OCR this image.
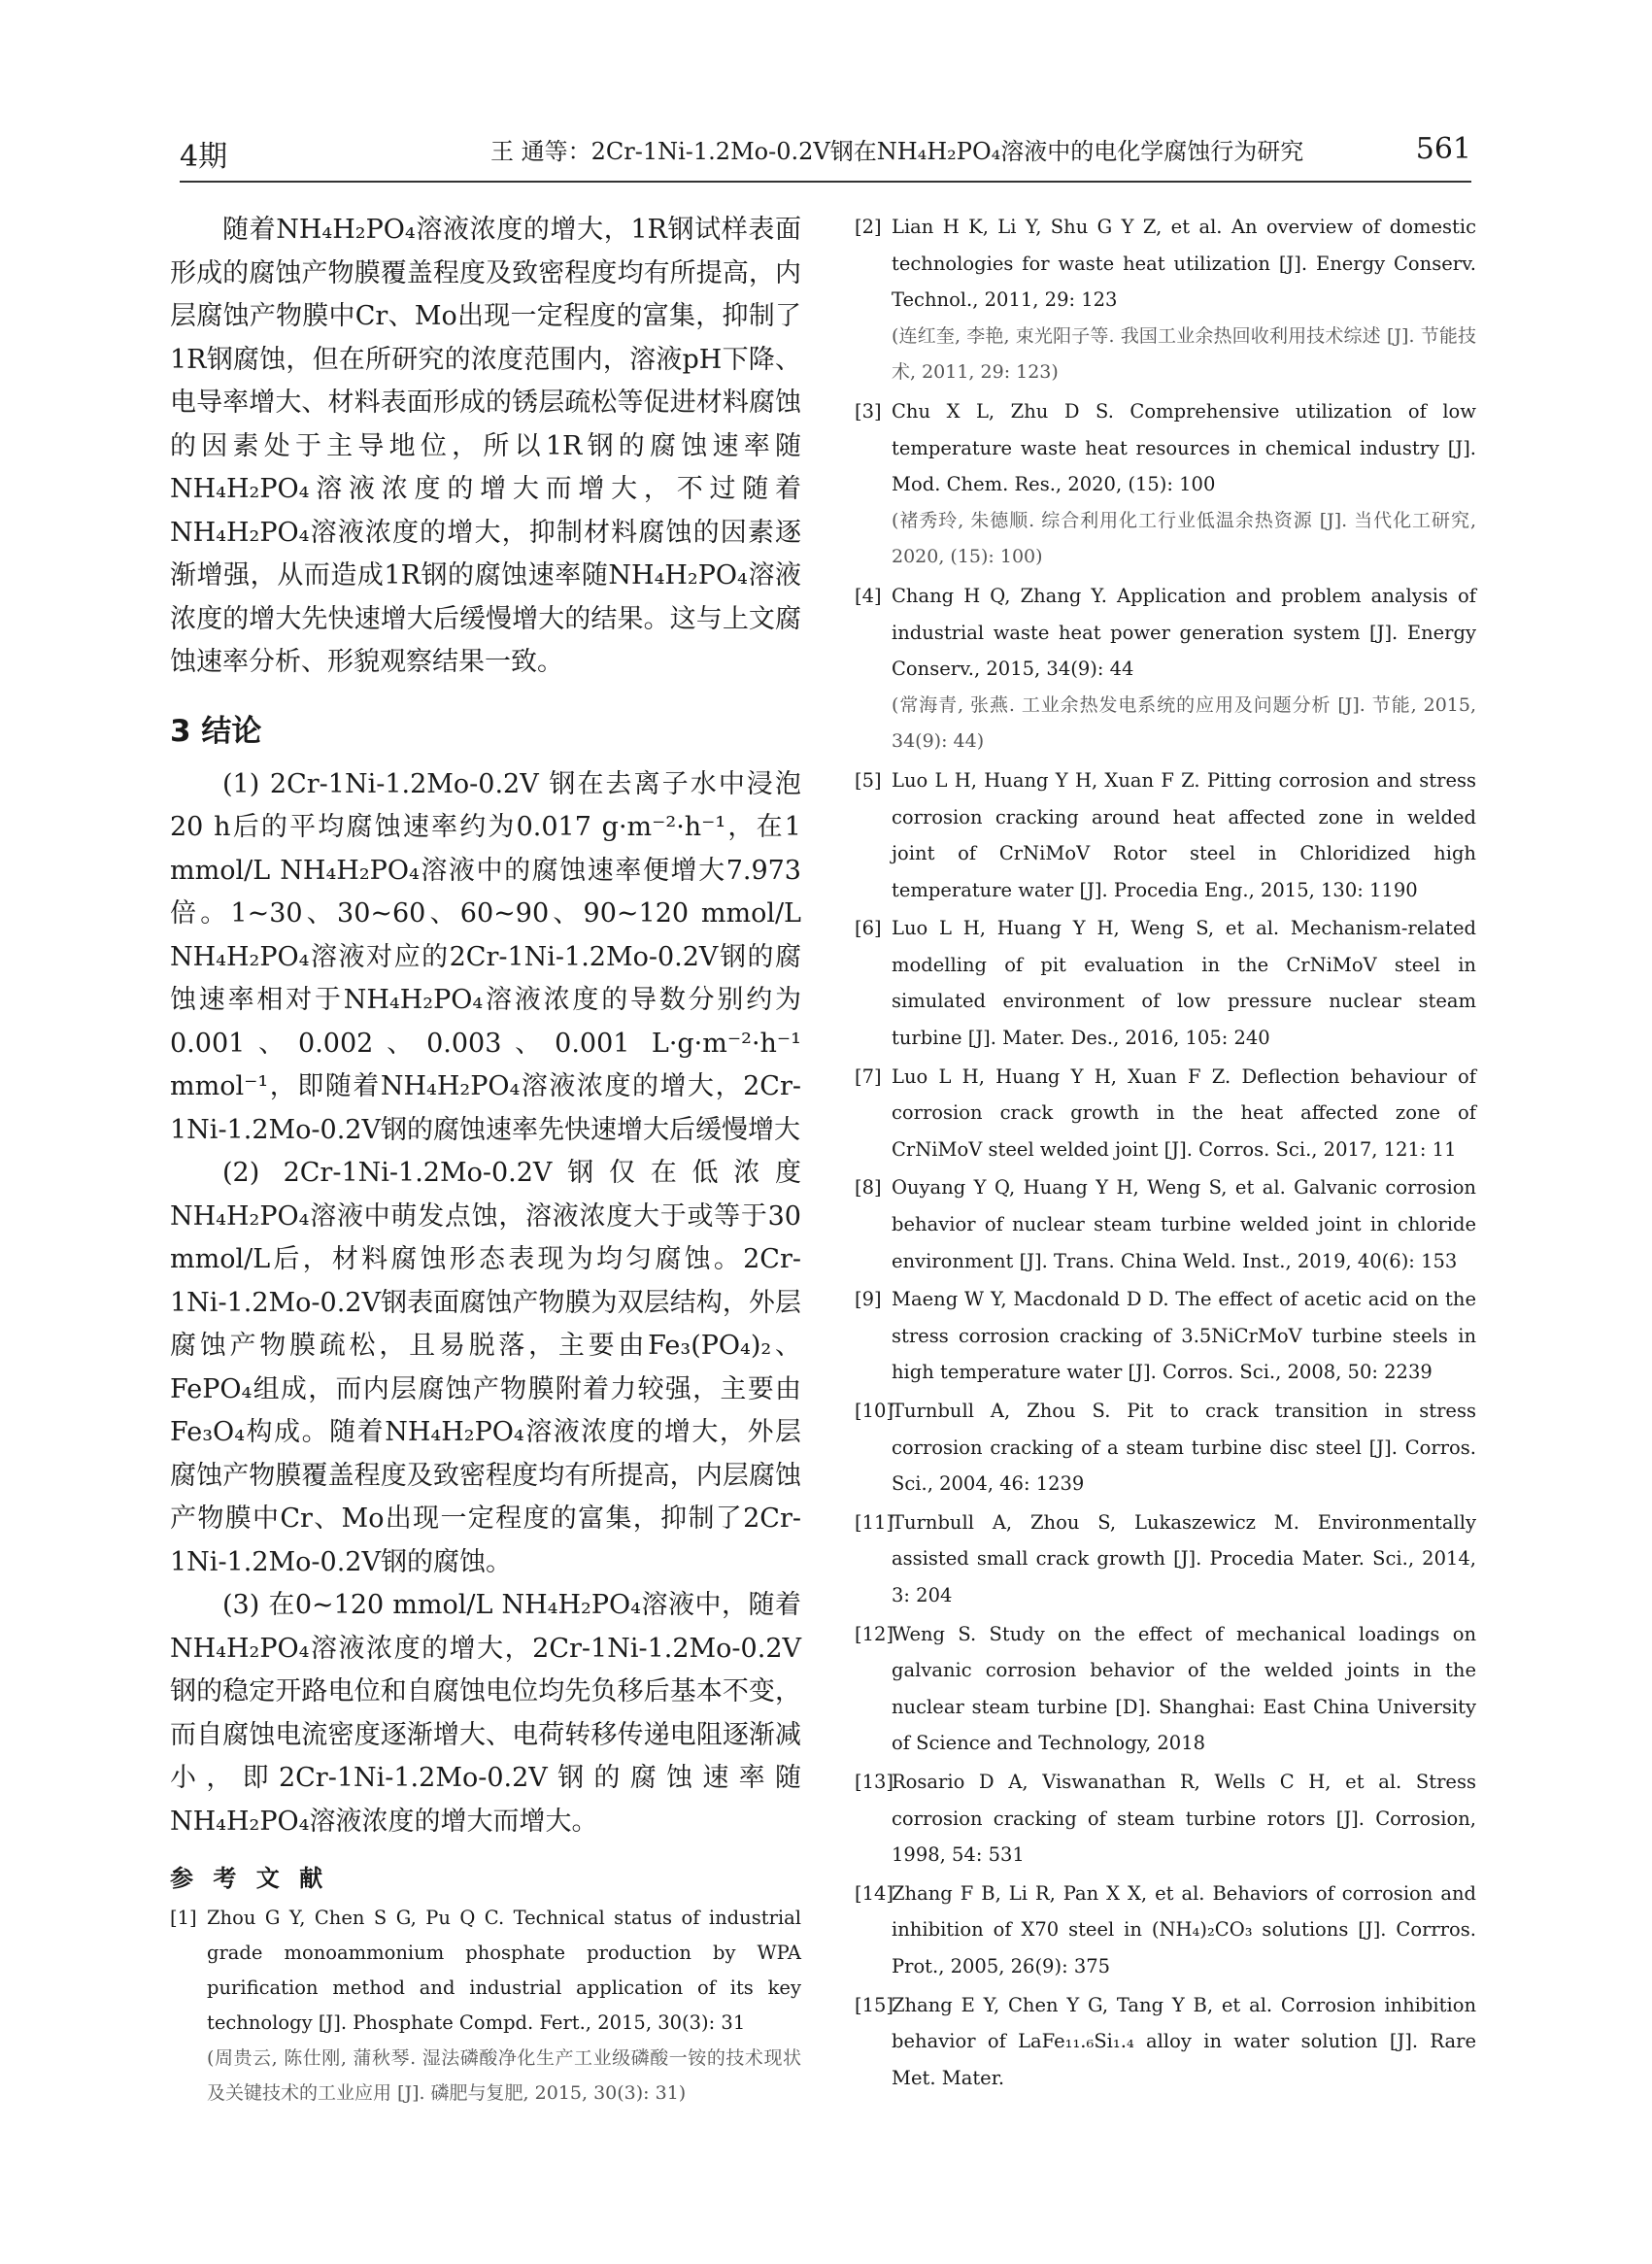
4期	王 通等：2Cr-1Ni-1.2Mo-0.2V钢在NH₄H₂PO₄溶液中的电化学腐蚀行为研究	561

随着NH₄H₂PO₄溶液浓度的增大，1R钢试样表面形成的腐蚀产物膜覆盖程度及致密程度均有所提高，内层腐蚀产物膜中Cr、Mo出现一定程度的富集，抑制了1R钢腐蚀，但在所研究的浓度范围内，溶液pH下降、电导率增大、材料表面形成的锈层疏松等促进材料腐蚀的因素处于主导地位，所以1R钢的腐蚀速率随NH₄H₂PO₄溶液浓度的增大而增大，不过随着NH₄H₂PO₄溶液浓度的增大，抑制材料腐蚀的因素逐渐增强，从而造成1R钢的腐蚀速率随NH₄H₂PO₄溶液浓度的增大先快速增大后缓慢增大的结果。这与上文腐蚀速率分析、形貌观察结果一致。

3 结论

(1) 2Cr-1Ni-1.2Mo-0.2V 钢在去离子水中浸泡20 h后的平均腐蚀速率约为0.017 g·m⁻²·h⁻¹，在1 mmol/L NH₄H₂PO₄溶液中的腐蚀速率便增大7.973倍。1~30、30~60、60~90、90~120 mmol/L NH₄H₂PO₄溶液对应的2Cr-1Ni-1.2Mo-0.2V钢的腐蚀速率相对于NH₄H₂PO₄溶液浓度的导数分别约为0.001、0.002、0.003、0.001 L·g·m⁻²·h⁻¹ mmol⁻¹，即随着NH₄H₂PO₄溶液浓度的增大，2Cr-1Ni-1.2Mo-0.2V钢的腐蚀速率先快速增大后缓慢增大

(2) 2Cr-1Ni-1.2Mo-0.2V钢仅在低浓度NH₄H₂PO₄溶液中萌发点蚀，溶液浓度大于或等于30 mmol/L后，材料腐蚀形态表现为均匀腐蚀。2Cr-1Ni-1.2Mo-0.2V钢表面腐蚀产物膜为双层结构，外层腐蚀产物膜疏松，且易脱落，主要由Fe₃(PO₄)₂、FePO₄组成，而内层腐蚀产物膜附着力较强，主要由Fe₃O₄构成。随着NH₄H₂PO₄溶液浓度的增大，外层腐蚀产物膜覆盖程度及致密程度均有所提高，内层腐蚀产物膜中Cr、Mo出现一定程度的富集，抑制了2Cr-1Ni-1.2Mo-0.2V钢的腐蚀。

(3) 在0~120 mmol/L NH₄H₂PO₄溶液中，随着NH₄H₂PO₄溶液浓度的增大，2Cr-1Ni-1.2Mo-0.2V钢的稳定开路电位和自腐蚀电位均先负移后基本不变，而自腐蚀电流密度逐渐增大、电荷转移传递电阻逐渐减小，即2Cr-1Ni-1.2Mo-0.2V钢的腐蚀速率随NH₄H₂PO₄溶液浓度的增大而增大。

参 考 文 献
[1] Zhou G Y, Chen S G, Pu Q C. Technical status of industrial grade monoammonium phosphate production by WPA purification method and industrial application of its key technology [J]. Phosphate Compd. Fert., 2015, 30(3): 31
(周贵云, 陈仕刚, 蒲秋琴. 湿法磷酸净化生产工业级磷酸一铵的技术现状及关键技术的工业应用 [J]. 磷肥与复肥, 2015, 30(3): 31)
[2] Lian H K, Li Y, Shu G Y Z, et al. An overview of domestic technologies for waste heat utilization [J]. Energy Conserv. Technol., 2011, 29: 123
(连红奎, 李艳, 束光阳子等. 我国工业余热回收利用技术综述 [J]. 节能技术, 2011, 29: 123)
[3] Chu X L, Zhu D S. Comprehensive utilization of low temperature waste heat resources in chemical industry [J]. Mod. Chem. Res., 2020, (15): 100
(褚秀玲, 朱德顺. 综合利用化工行业低温余热资源 [J]. 当代化工研究, 2020, (15): 100)
[4] Chang H Q, Zhang Y. Application and problem analysis of industrial waste heat power generation system [J]. Energy Conserv., 2015, 34(9): 44
(常海青, 张燕. 工业余热发电系统的应用及问题分析 [J]. 节能, 2015, 34(9): 44)
[5] Luo L H, Huang Y H, Xuan F Z. Pitting corrosion and stress corrosion cracking around heat affected zone in welded joint of CrNiMoV Rotor steel in Chloridized high temperature water [J]. Procedia Eng., 2015, 130: 1190
[6] Luo L H, Huang Y H, Weng S, et al. Mechanism-related modelling of pit evaluation in the CrNiMoV steel in simulated environment of low pressure nuclear steam turbine [J]. Mater. Des., 2016, 105: 240
[7] Luo L H, Huang Y H, Xuan F Z. Deflection behaviour of corrosion crack growth in the heat affected zone of CrNiMoV steel welded joint [J]. Corros. Sci., 2017, 121: 11
[8] Ouyang Y Q, Huang Y H, Weng S, et al. Galvanic corrosion behavior of nuclear steam turbine welded joint in chloride environment [J]. Trans. China Weld. Inst., 2019, 40(6): 153
[9] Maeng W Y, Macdonald D D. The effect of acetic acid on the stress corrosion cracking of 3.5NiCrMoV turbine steels in high temperature water [J]. Corros. Sci., 2008, 50: 2239
[10]
Turnbull A, Zhou S. Pit to crack transition in stress corrosion cracking of a steam turbine disc steel [J]. Corros. Sci., 2004, 46: 1239
[11]
Turnbull A, Zhou S, Lukaszewicz M. Environmentally assisted small crack growth [J]. Procedia Mater. Sci., 2014, 3: 204
[12]
Weng S. Study on the effect of mechanical loadings on galvanic corrosion behavior of the welded joints in the nuclear steam turbine [D]. Shanghai: East China University of Science and Technology, 2018
[13]
Rosario D A, Viswanathan R, Wells C H, et al. Stress corrosion cracking of steam turbine rotors [J]. Corrosion, 1998, 54: 531
[14]
Zhang F B, Li R, Pan X X, et al. Behaviors of corrosion and inhibition of X70 steel in (NH₄)₂CO₃ solutions [J]. Corrros. Prot., 2005, 26(9): 375
[15]
Zhang E Y, Chen Y G, Tang Y B, et al. Corrosion inhibition behavior of LaFe₁₁.₆Si₁.₄ alloy in water solution [J]. Rare Met. Mater.
